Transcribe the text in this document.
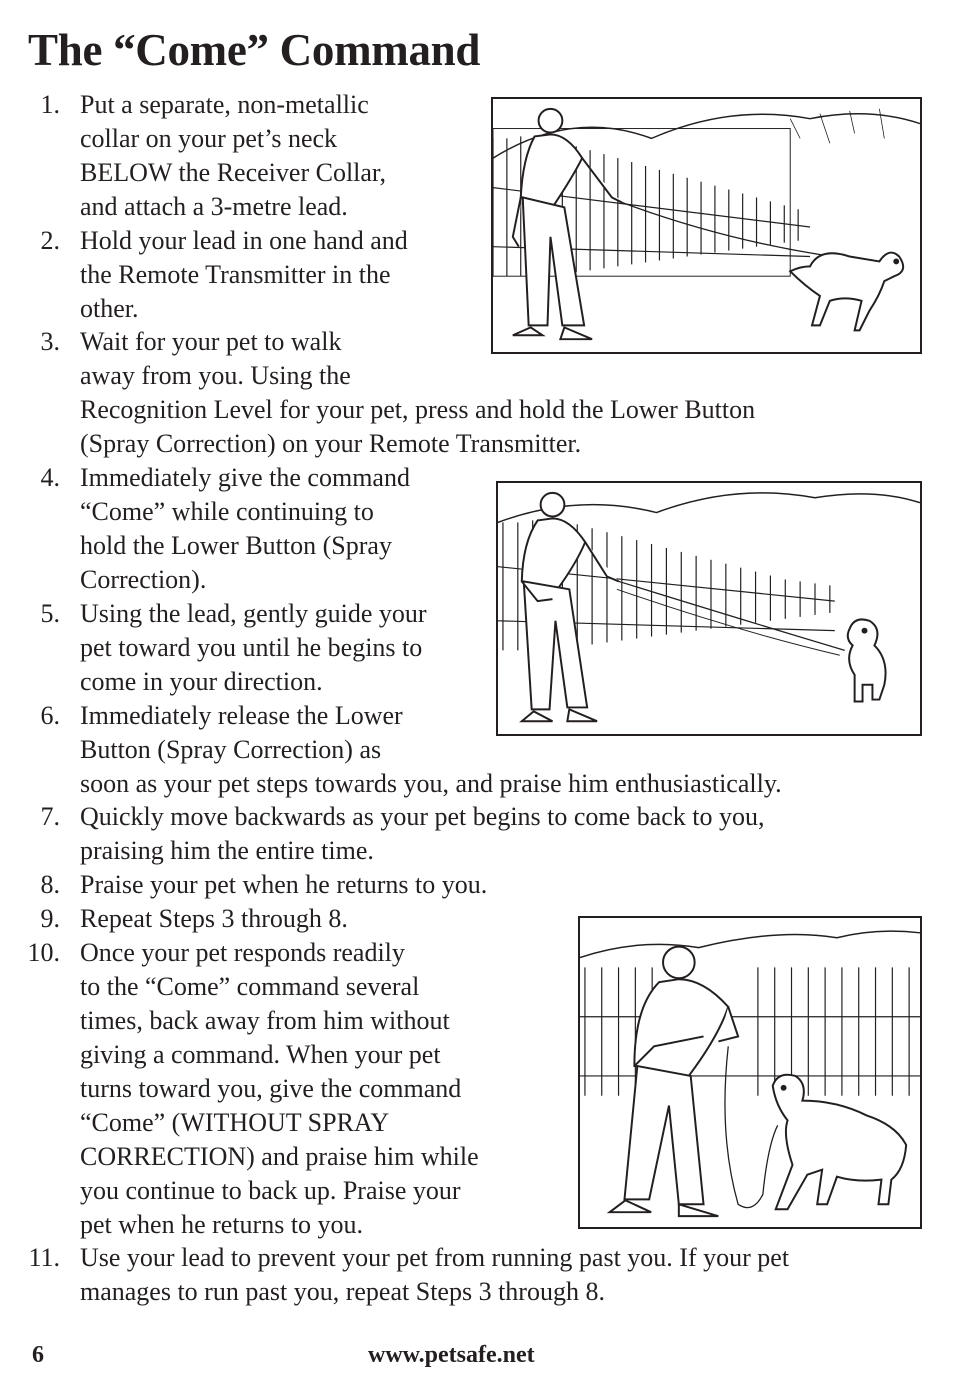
The “Come” Command
1. Put a separate, non-metallic
collar on your pet’s neck
BELOW the Receiver Collar,
and attach a 3-metre lead.
2. Hold your lead in one hand and
the Remote Transmitter in the
other.
3. Wait for your pet to walk
away from you. Using the
Recognition Level for your pet, press and hold the Lower Button
(Spray Correction) on your Remote Transmitter.
4. Immediately give the command
“Come” while continuing to
hold the Lower Button (Spray
Correction).
5. Using the lead, gently guide your
pet toward you until he begins to
come in your direction.
6. Immediately release the Lower
Button (Spray Correction) as
soon as your pet steps towards you, and praise him enthusiastically.
7. Quickly move backwards as your pet begins to come back to you,
praising him the entire time.
8. Praise your pet when he returns to you.
9. Repeat Steps 3 through 8.
10. Once your pet responds readily
to the “Come” command several
times, back away from him without
giving a command. When your pet
turns toward you, give the command
“Come” (WITHOUT SPRAY
CORRECTION) and praise him while
you continue to back up. Praise your
pet when he returns to you.
11. Use your lead to prevent your pet from running past you. If your pet
manages to run past you, repeat Steps 3 through 8.
6	www.petsafe.net
